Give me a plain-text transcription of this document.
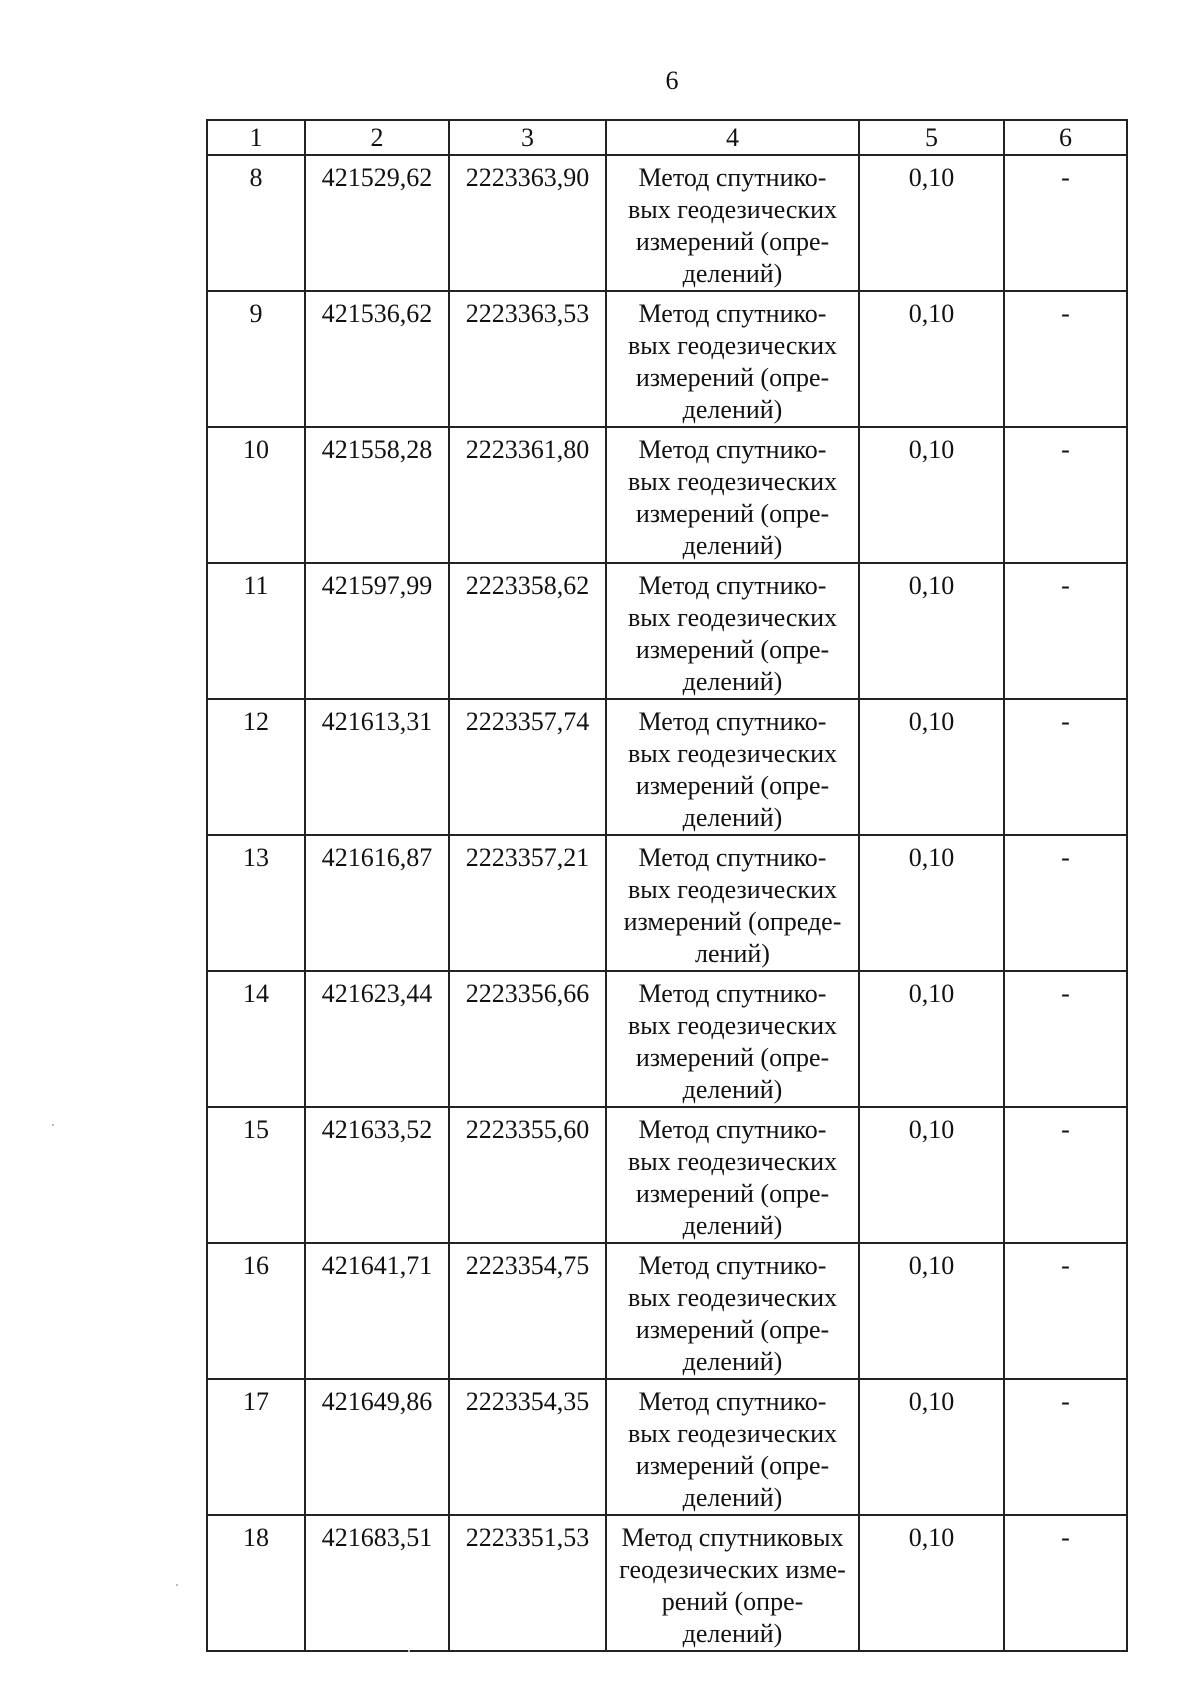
6
1	2	3	4	5	6
8	421529,62	2223363,90	Метод спутнико-
вых геодезических
измерений (опре-
делений)	0,10	-
9	421536,62	2223363,53	Метод спутнико-
вых геодезических
измерений (опре-
делений)	0,10	-
10	421558,28	2223361,80	Метод спутнико-
вых геодезических
измерений (опре-
делений)	0,10	-
11	421597,99	2223358,62	Метод спутнико-
вых геодезических
измерений (опре-
делений)	0,10	-
12	421613,31	2223357,74	Метод спутнико-
вых геодезических
измерений (опре-
делений)	0,10	-
13	421616,87	2223357,21	Метод спутнико-
вых геодезических
измерений (опреде-
лений)	0,10	-
14	421623,44	2223356,66	Метод спутнико-
вых геодезических
измерений (опре-
делений)	0,10	-
15	421633,52	2223355,60	Метод спутнико-
вых геодезических
измерений (опре-
делений)	0,10	-
16	421641,71	2223354,75	Метод спутнико-
вых геодезических
измерений (опре-
делений)	0,10	-
17	421649,86	2223354,35	Метод спутнико-
вых геодезических
измерений (опре-
делений)	0,10	-
18	421683,51	2223351,53	Метод спутниковых
геодезических изме-
рений (опре-
делений)	0,10	-
